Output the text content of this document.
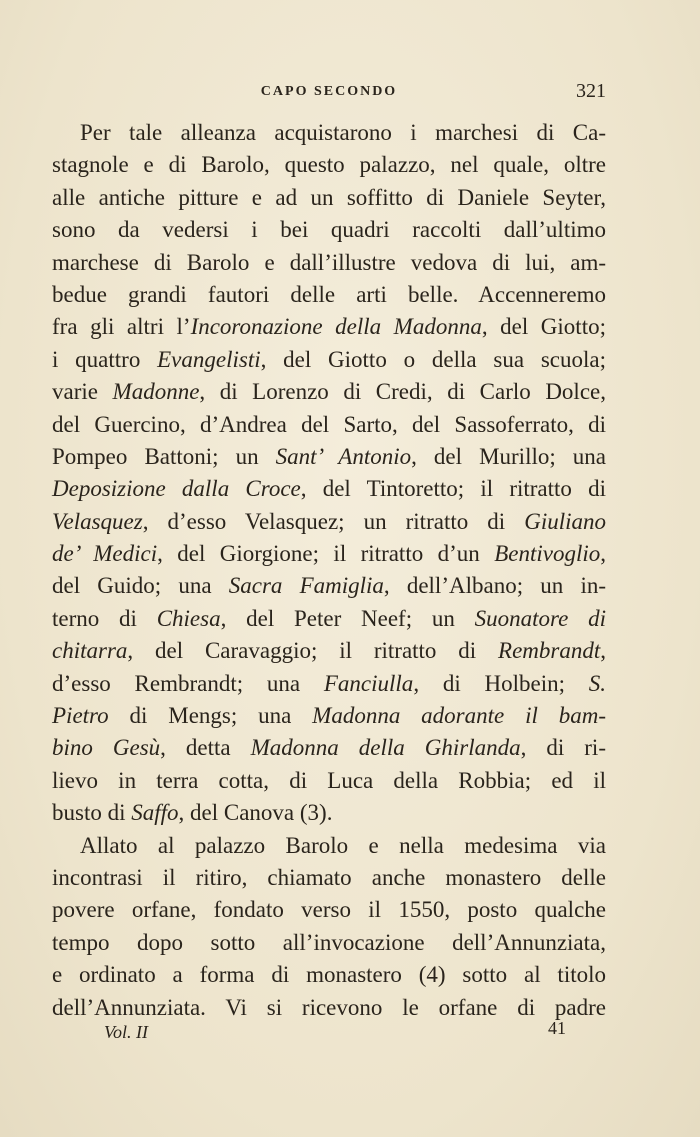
CAPO SECONDO	321
Per tale alleanza acquistarono i marchesi di Ca-
stagnole e di Barolo, questo palazzo, nel quale, oltre
alle antiche pitture e ad un soffitto di Daniele Seyter,
sono da vedersi i bei quadri raccolti dall’ultimo
marchese di Barolo e dall’illustre vedova di lui, am-
bedue grandi fautori delle arti belle. Accenneremo
fra gli altri l’Incoronazione della Madonna, del Giotto;
i quattro Evangelisti, del Giotto o della sua scuola;
varie Madonne, di Lorenzo di Credi, di Carlo Dolce,
del Guercino, d’Andrea del Sarto, del Sassoferrato, di
Pompeo Battoni; un Sant’ Antonio, del Murillo; una
Deposizione dalla Croce, del Tintoretto; il ritratto di
Velasquez, d’esso Velasquez; un ritratto di Giuliano
de’ Medici, del Giorgione; il ritratto d’un Bentivoglio,
del Guido; una Sacra Famiglia, dell’Albano; un in-
terno di Chiesa, del Peter Neef; un Suonatore di
chitarra, del Caravaggio; il ritratto di Rembrandt,
d’esso Rembrandt; una Fanciulla, di Holbein; S.
Pietro di Mengs; una Madonna adorante il bam-
bino Gesù, detta Madonna della Ghirlanda, di ri-
lievo in terra cotta, di Luca della Robbia; ed il
busto di Saffo, del Canova (3).
Allato al palazzo Barolo e nella medesima via
incontrasi il ritiro, chiamato anche monastero delle
povere orfane, fondato verso il 1550, posto qualche
tempo dopo sotto all’invocazione dell’Annunziata,
e ordinato a forma di monastero (4) sotto al titolo
dell’Annunziata. Vi si ricevono le orfane di padre
Vol. II	41
